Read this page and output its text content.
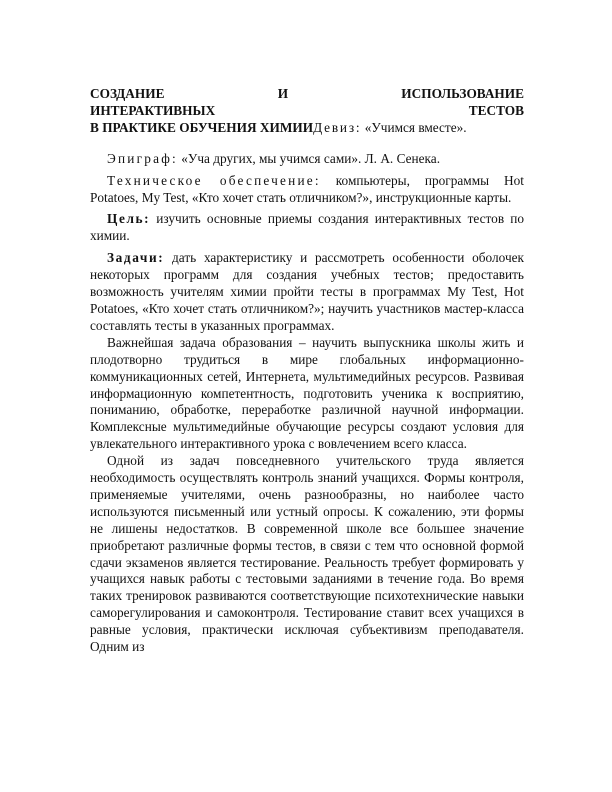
СОЗДАНИЕ И ИСПОЛЬЗОВАНИЕ
ИНТЕРАКТИВНЫХ ТЕСТОВ
В ПРАКТИКЕ ОБУЧЕНИЯ ХИМИИДевиз: «Учимся вместе».

Эпиграф: «Уча других, мы учимся сами». Л. А. Сенека.

Техническое обеспечение: компьютеры, программы Hot Potatoes, My Test, «Кто хочет стать отличником?», инструкционные карты.

Цель: изучить основные приемы создания интерактивных тестов по химии.

Задачи: дать характеристику и рассмотреть особенности оболочек некоторых программ для создания учебных тестов; предоставить возможность учителям химии пройти тесты в программах My Test, Hot Potatoes, «Кто хочет стать отличником?»; научить участников мастер-класса составлять тесты в указанных программах.

Важнейшая задача образования – научить выпускника школы жить и плодотворно трудиться в мире глобальных информационно-коммуникационных сетей, Интернета, мультимедийных ресурсов. Развивая информационную компетентность, подготовить ученика к восприятию, пониманию, обработке, переработке различной научной информации. Комплексные мультимедийные обучающие ресурсы создают условия для увлекательного интерактивного урока с вовлечением всего класса.

Одной из задач повседневного учительского труда является необходимость осуществлять контроль знаний учащихся. Формы контроля, применяемые учителями, очень разнообразны, но наиболее часто используются письменный или устный опросы. К сожалению, эти формы не лишены недостатков. В современной школе все большее значение приобретают различные формы тестов, в связи с тем что основной формой сдачи экзаменов является тестирование. Реальность требует формировать у учащихся навык работы с тестовыми заданиями в течение года. Во время таких тренировок развиваются соответствующие психотехнические навыки саморегулирования и самоконтроля. Тестирование ставит всех учащихся в равные условия, практически исключая субъективизм преподавателя. Одним из
